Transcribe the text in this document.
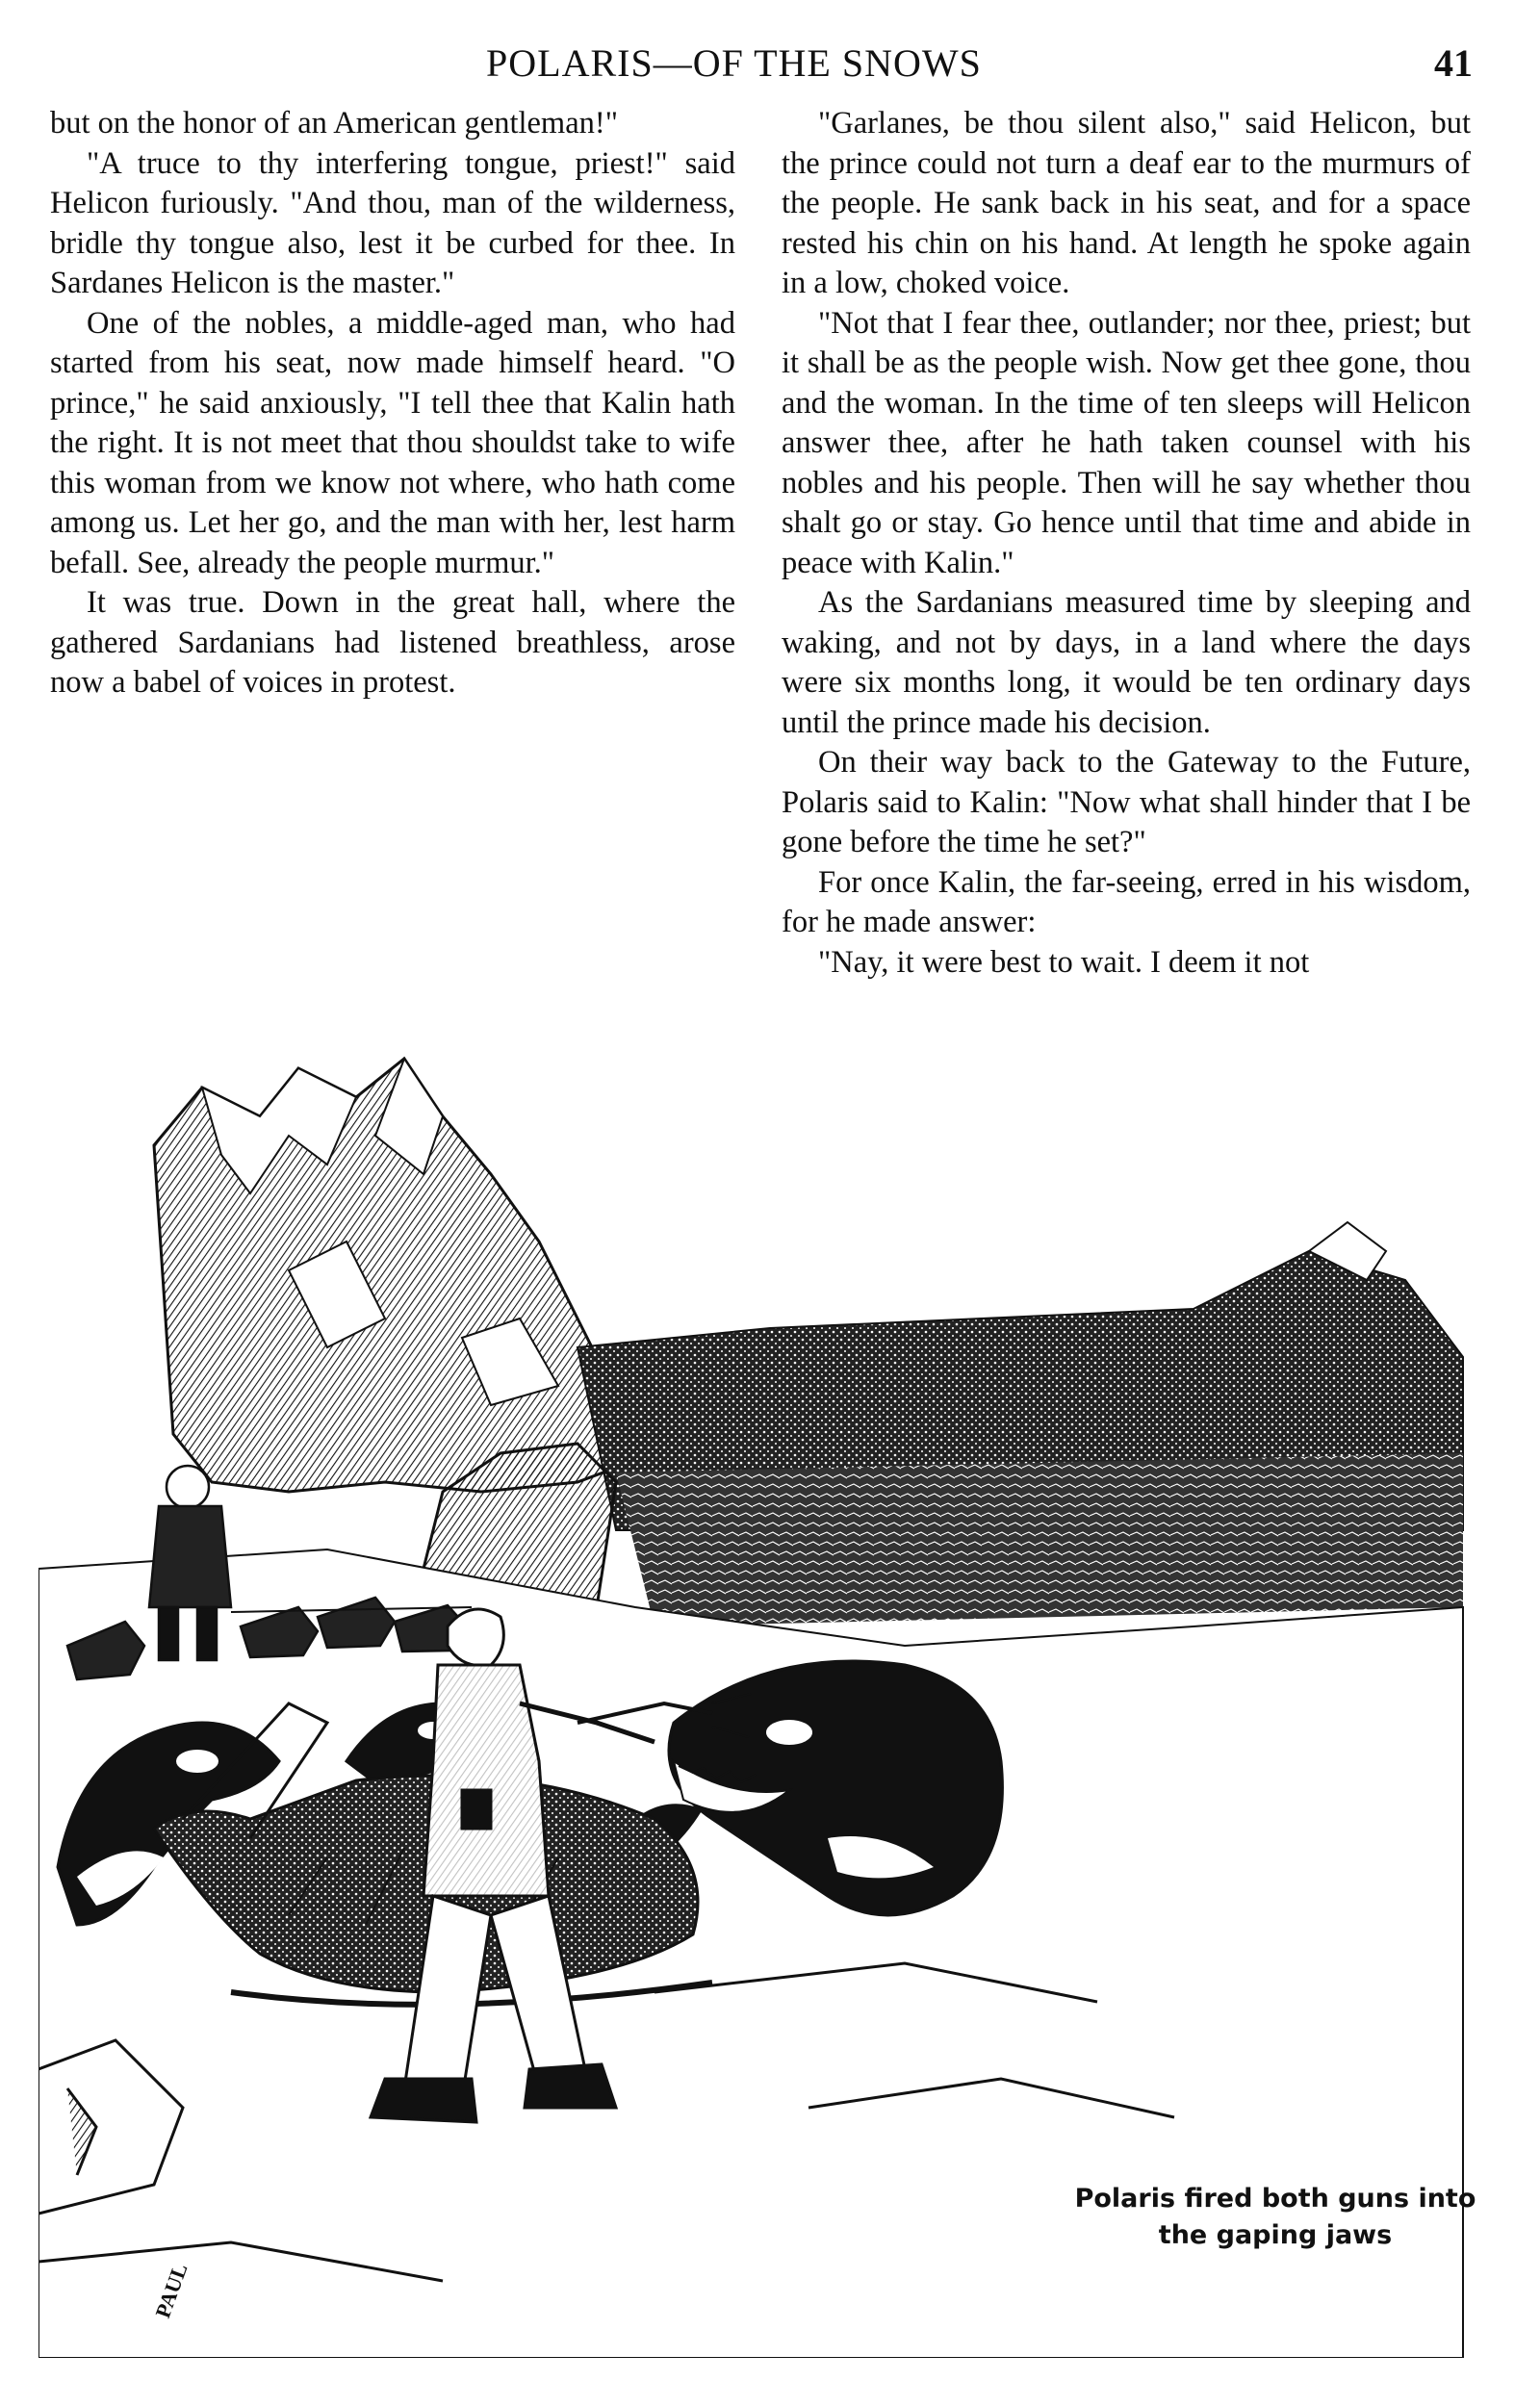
POLARIS—OF THE SNOWS	41

but on the honor of an American gentleman!"

"A truce to thy interfering tongue, priest!" said Helicon furiously. "And thou, man of the wilderness, bridle thy tongue also, lest it be curbed for thee. In Sardanes Helicon is the master."

One of the nobles, a middle-aged man, who had started from his seat, now made himself heard. "O prince," he said anxiously, "I tell thee that Kalin hath the right. It is not meet that thou shouldst take to wife this woman from we know not where, who hath come among us. Let her go, and the man with her, lest harm befall. See, already the people murmur."

It was true. Down in the great hall, where the gathered Sardanians had listened breathless, arose now a babel of voices in protest.

"Garlanes, be thou silent also," said Helicon, but the prince could not turn a deaf ear to the murmurs of the people. He sank back in his seat, and for a space rested his chin on his hand. At length he spoke again in a low, choked voice.

"Not that I fear thee, outlander; nor thee, priest; but it shall be as the people wish. Now get thee gone, thou and the woman. In the time of ten sleeps will Helicon answer thee, after he hath taken counsel with his nobles and his people. Then will he say whether thou shalt go or stay. Go hence until that time and abide in peace with Kalin."

As the Sardanians measured time by sleeping and waking, and not by days, in a land where the days were six months long, it would be ten ordinary days until the prince made his decision.

On their way back to the Gateway to the Future, Polaris said to Kalin: "Now what shall hinder that I be gone before the time he set?"

For once Kalin, the far-seeing, erred in his wisdom, for he made answer:

"Nay, it were best to wait. I deem it not

PAUL
Polaris fired both guns into
the gaping jaws
